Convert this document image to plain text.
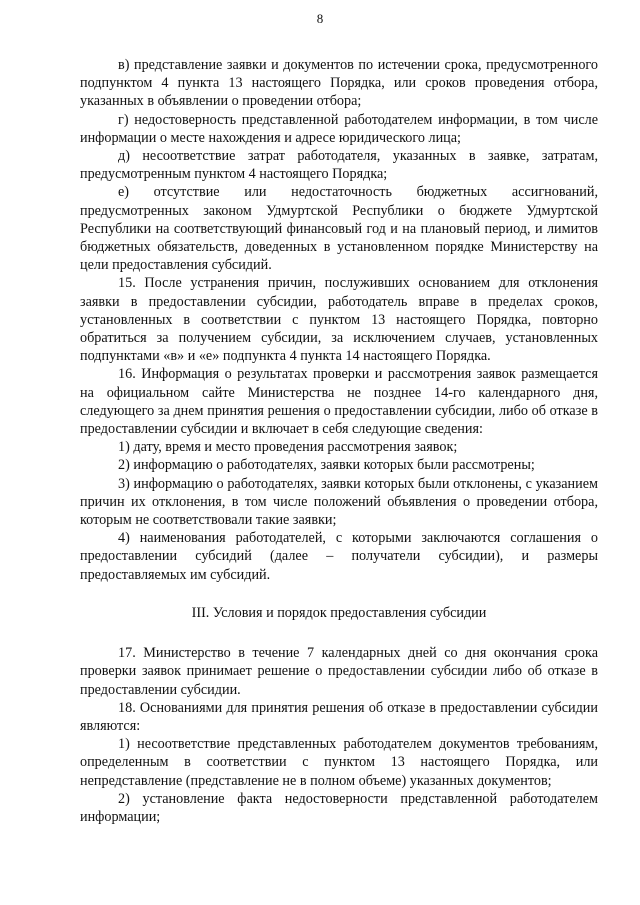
8

в) представление заявки и документов по истечении срока, предусмотренного подпунктом 4 пункта 13 настоящего Порядка, или сроков проведения отбора, указанных в объявлении о проведении отбора;

г) недостоверность представленной работодателем информации, в том числе информации о месте нахождения и адресе юридического лица;

д) несоответствие затрат работодателя, указанных в заявке, затратам, предусмотренным пунктом 4 настоящего Порядка;

е) отсутствие или недостаточность бюджетных ассигнований, предусмотренных законом Удмуртской Республики о бюджете Удмуртской Республики на соответствующий финансовый год и на плановый период, и лимитов бюджетных обязательств, доведенных в установленном порядке Министерству на цели предоставления субсидий.

15. После устранения причин, послуживших основанием для отклонения заявки в предоставлении субсидии, работодатель вправе в пределах сроков, установленных в соответствии с пунктом 13 настоящего Порядка, повторно обратиться за получением субсидии, за исключением случаев, установленных подпунктами «в» и «е» подпункта 4 пункта 14 настоящего Порядка.

16. Информация о результатах проверки и рассмотрения заявок размещается на официальном сайте Министерства не позднее 14-го календарного дня, следующего за днем принятия решения о предоставлении субсидии, либо об отказе в предоставлении субсидии и включает в себя следующие сведения:

1) дату, время и место проведения рассмотрения заявок;

2) информацию о работодателях, заявки которых были рассмотрены;

3) информацию о работодателях, заявки которых были отклонены, с указанием причин их отклонения, в том числе положений объявления о проведении отбора, которым не соответствовали такие заявки;

4) наименования работодателей, с которыми заключаются соглашения о предоставлении субсидий (далее – получатели субсидии), и размеры предоставляемых им субсидий.

III. Условия и порядок предоставления субсидии

17. Министерство в течение 7 календарных дней со дня окончания срока проверки заявок принимает решение о предоставлении субсидии либо об отказе в предоставлении субсидии.

18. Основаниями для принятия решения об отказе в предоставлении субсидии являются:

1) несоответствие представленных работодателем документов требованиям, определенным в соответствии с пунктом 13 настоящего Порядка, или непредставление (представление не в полном объеме) указанных документов;

2) установление факта недостоверности представленной работодателем информации;
